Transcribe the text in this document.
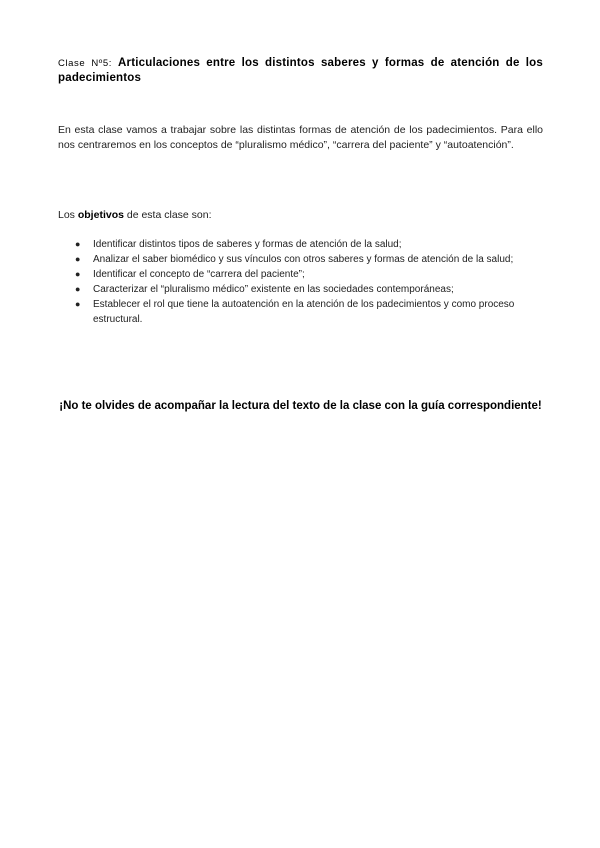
Clase Nº5: Articulaciones entre los distintos saberes y formas de atención de los padecimientos

En esta clase vamos a trabajar sobre las distintas formas de atención de los padecimientos. Para ello nos centraremos en los conceptos de “pluralismo médico”, “carrera del paciente” y “autoatención”.

Los objetivos de esta clase son:

● Identificar distintos tipos de saberes y formas de atención de la salud;
● Analizar el saber biomédico y sus vínculos con otros saberes y formas de atención de la salud;
● Identificar el concepto de “carrera del paciente”;
● Caracterizar el “pluralismo médico” existente en las sociedades contemporáneas;
● Establecer el rol que tiene la autoatención en la atención de los padecimientos y como proceso estructural.

¡No te olvides de acompañar la lectura del texto de la clase con la guía correspondiente!
